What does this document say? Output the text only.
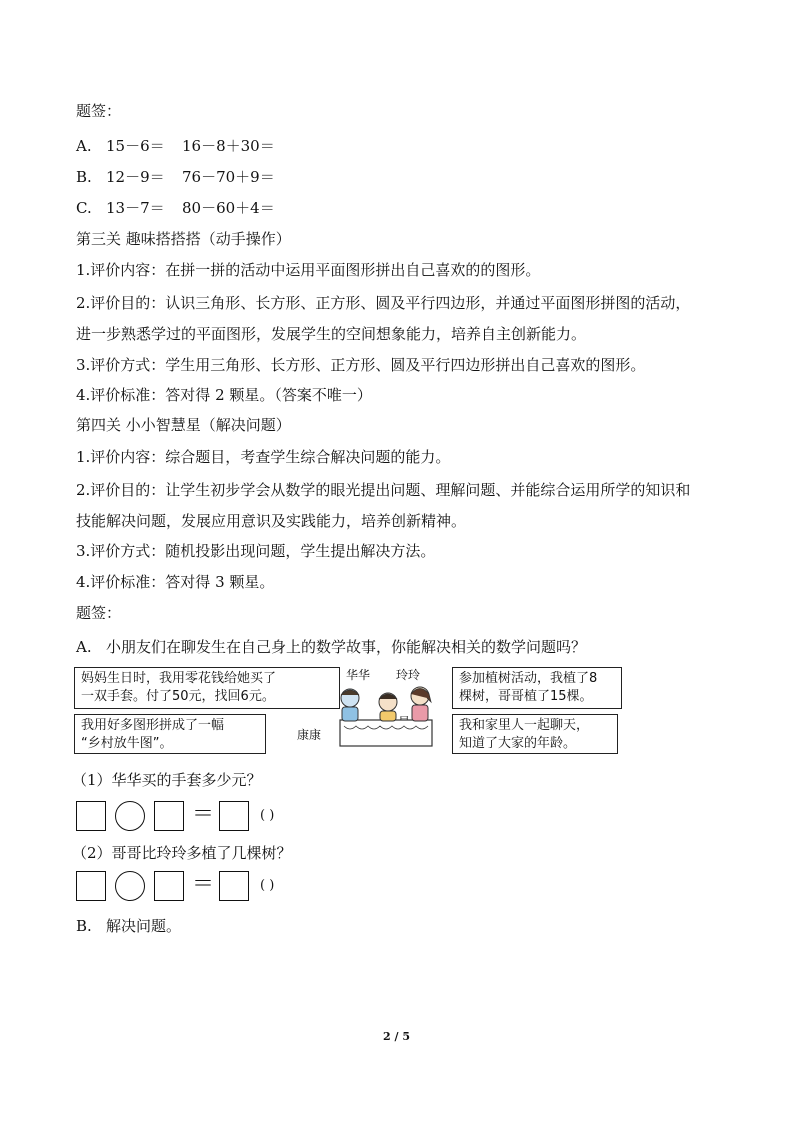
题签：
A. 15－6＝ 16－8＋30＝
B. 12－9＝ 76－70＋9＝
C. 13－7＝ 80－60＋4＝
第三关 趣味搭搭搭（动手操作）
1.评价内容：在拼一拼的活动中运用平面图形拼出自己喜欢的的图形。
2.评价目的：认识三角形、长方形、正方形、圆及平行四边形，并通过平面图形拼图的活动，
进一步熟悉学过的平面图形，发展学生的空间想象能力，培养自主创新能力。
3.评价方式：学生用三角形、长方形、正方形、圆及平行四边形拼出自己喜欢的图形。
4.评价标准：答对得 2 颗星。（答案不唯一）
第四关 小小智慧星（解决问题）
1.评价内容：综合题目，考查学生综合解决问题的能力。
2.评价目的：让学生初步学会从数学的眼光提出问题、理解问题、并能综合运用所学的知识和
技能解决问题，发展应用意识及实践能力，培养创新精神。
3.评价方式：随机投影出现问题，学生提出解决方法。
4.评价标准：答对得 3 颗星。
题签：
A. 小朋友们在聊发生在自己身上的数学故事，你能解决相关的数学问题吗？
妈妈生日时，我用零花钱给她买了
一双手套。付了50元，找回6元。
参加植树活动，我植了8
棵树，哥哥植了15棵。
我用好多图形拼成了一幅
“乡村放牛图”。
我和家里人一起聊天，
知道了大家的年龄。
华华 玲玲
康康
（1）华华买的手套多少元？
＝	( )
（2）哥哥比玲玲多植了几棵树？
＝	( )
B. 解决问题。
2 / 5
